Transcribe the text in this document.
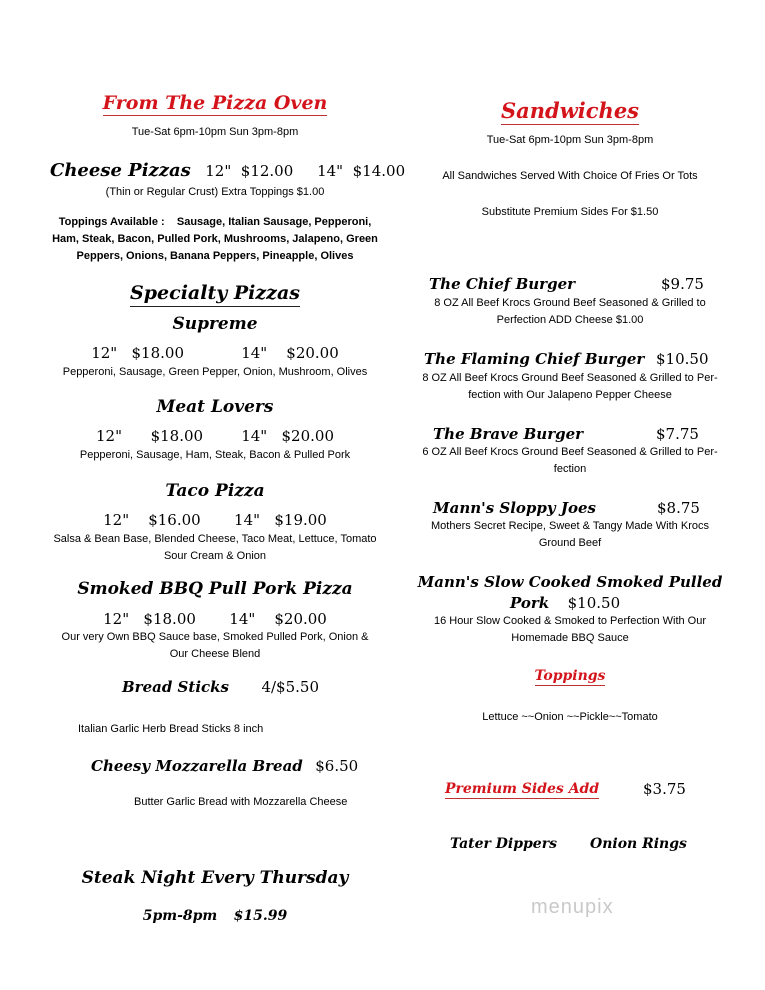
From The Pizza Oven
Tue-Sat 6pm-10pm Sun 3pm-8pm
Cheese Pizzas 12"  $12.00     14"  $14.00
(Thin or Regular Crust) Extra Toppings $1.00
Toppings Available :    Sausage, Italian Sausage, Pepperoni,
Ham, Steak, Bacon, Pulled Pork, Mushrooms, Jalapeno, Green
Peppers, Onions, Banana Peppers, Pineapple, Olives
Specialty Pizzas
Supreme
12"   $18.00            14"    $20.00
Pepperoni, Sausage, Green Pepper, Onion, Mushroom, Olives
Meat Lovers
12"      $18.00        14"   $20.00
Pepperoni, Sausage, Ham, Steak, Bacon & Pulled Pork
Taco Pizza
12"    $16.00       14"   $19.00
Salsa & Bean Base, Blended Cheese, Taco Meat, Lettuce, Tomato
Sour Cream & Onion
Smoked BBQ Pull Pork Pizza
12"   $18.00       14"    $20.00
Our very Own BBQ Sauce base, Smoked Pulled Pork, Onion &
Our Cheese Blend
Bread Sticks 4/$5.50
Italian Garlic Herb Bread Sticks 8 inch
Cheesy Mozzarella Bread $6.50
Butter Garlic Bread with Mozzarella Cheese
Steak Night Every Thursday
5pm-8pm $15.99
Sandwiches
Tue-Sat 6pm-10pm Sun 3pm-8pm
All Sandwiches Served With Choice Of Fries Or Tots
Substitute Premium Sides For $1.50
The Chief Burger	$9.75
8 OZ All Beef Krocs Ground Beef Seasoned & Grilled to
Perfection ADD Cheese $1.00
The Flaming Chief Burger $10.50
8 OZ All Beef Krocs Ground Beef Seasoned & Grilled to Per-
fection with Our Jalapeno Pepper Cheese
The Brave Burger	$7.75
6 OZ All Beef Krocs Ground Beef Seasoned & Grilled to Per-
fection
Mann's Sloppy Joes	$8.75
Mothers Secret Recipe, Sweet & Tangy Made With Krocs
Ground Beef
Mann's Slow Cooked Smoked Pulled
Pork $10.50
16 Hour Slow Cooked & Smoked to Perfection With Our
Homemade BBQ Sauce
Toppings
Lettuce ~~Onion ~~Pickle~~Tomato
Premium Sides Add	$3.75
Tater Dippers Onion Rings
menupix
